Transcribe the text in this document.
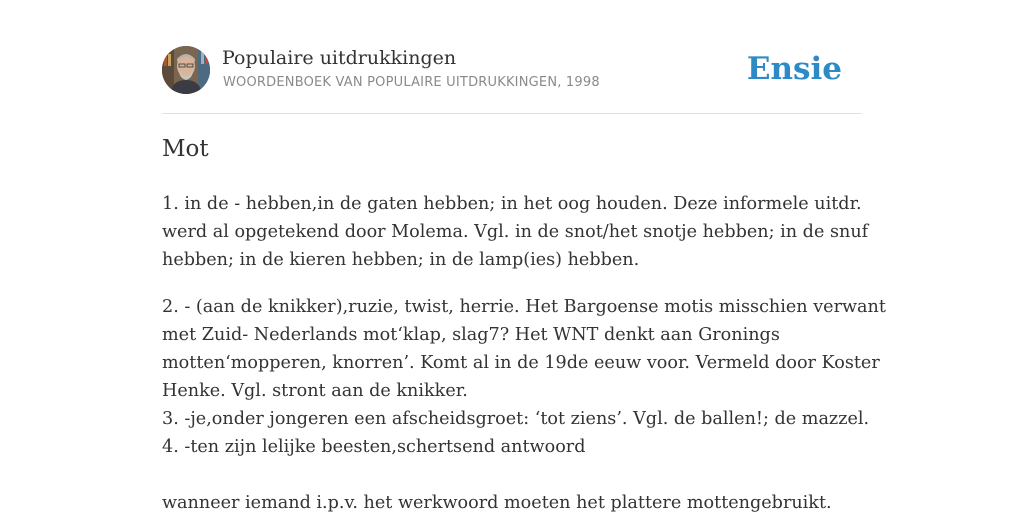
Populaire uitdrukkingen
WOORDENBOEK VAN POPULAIRE UITDRUKKINGEN, 1998	Ensie
Mot

1. in de - hebben,in de gaten hebben; in het oog houden. Deze informele uitdr.

werd al opgetekend door Molema. Vgl. in de snot/het snotje hebben; in de snuf

hebben; in de kieren hebben; in de lamp(ies) hebben.

2. - (aan de knikker),ruzie, twist, herrie. Het Bargoense motis misschien verwant

met Zuid- Nederlands mot‘klap, slag7? Het WNT denkt aan Gronings

motten‘mopperen, knorren’. Komt al in de 19de eeuw voor. Vermeld door Koster

Henke. Vgl. stront aan de knikker.

3. -je,onder jongeren een afscheidsgroet: ‘tot ziens’. Vgl. de ballen!; de mazzel.

4. -ten zijn lelijke beesten,schertsend antwoord

wanneer iemand i.p.v. het werkwoord moeten het plattere mottengebruikt.
